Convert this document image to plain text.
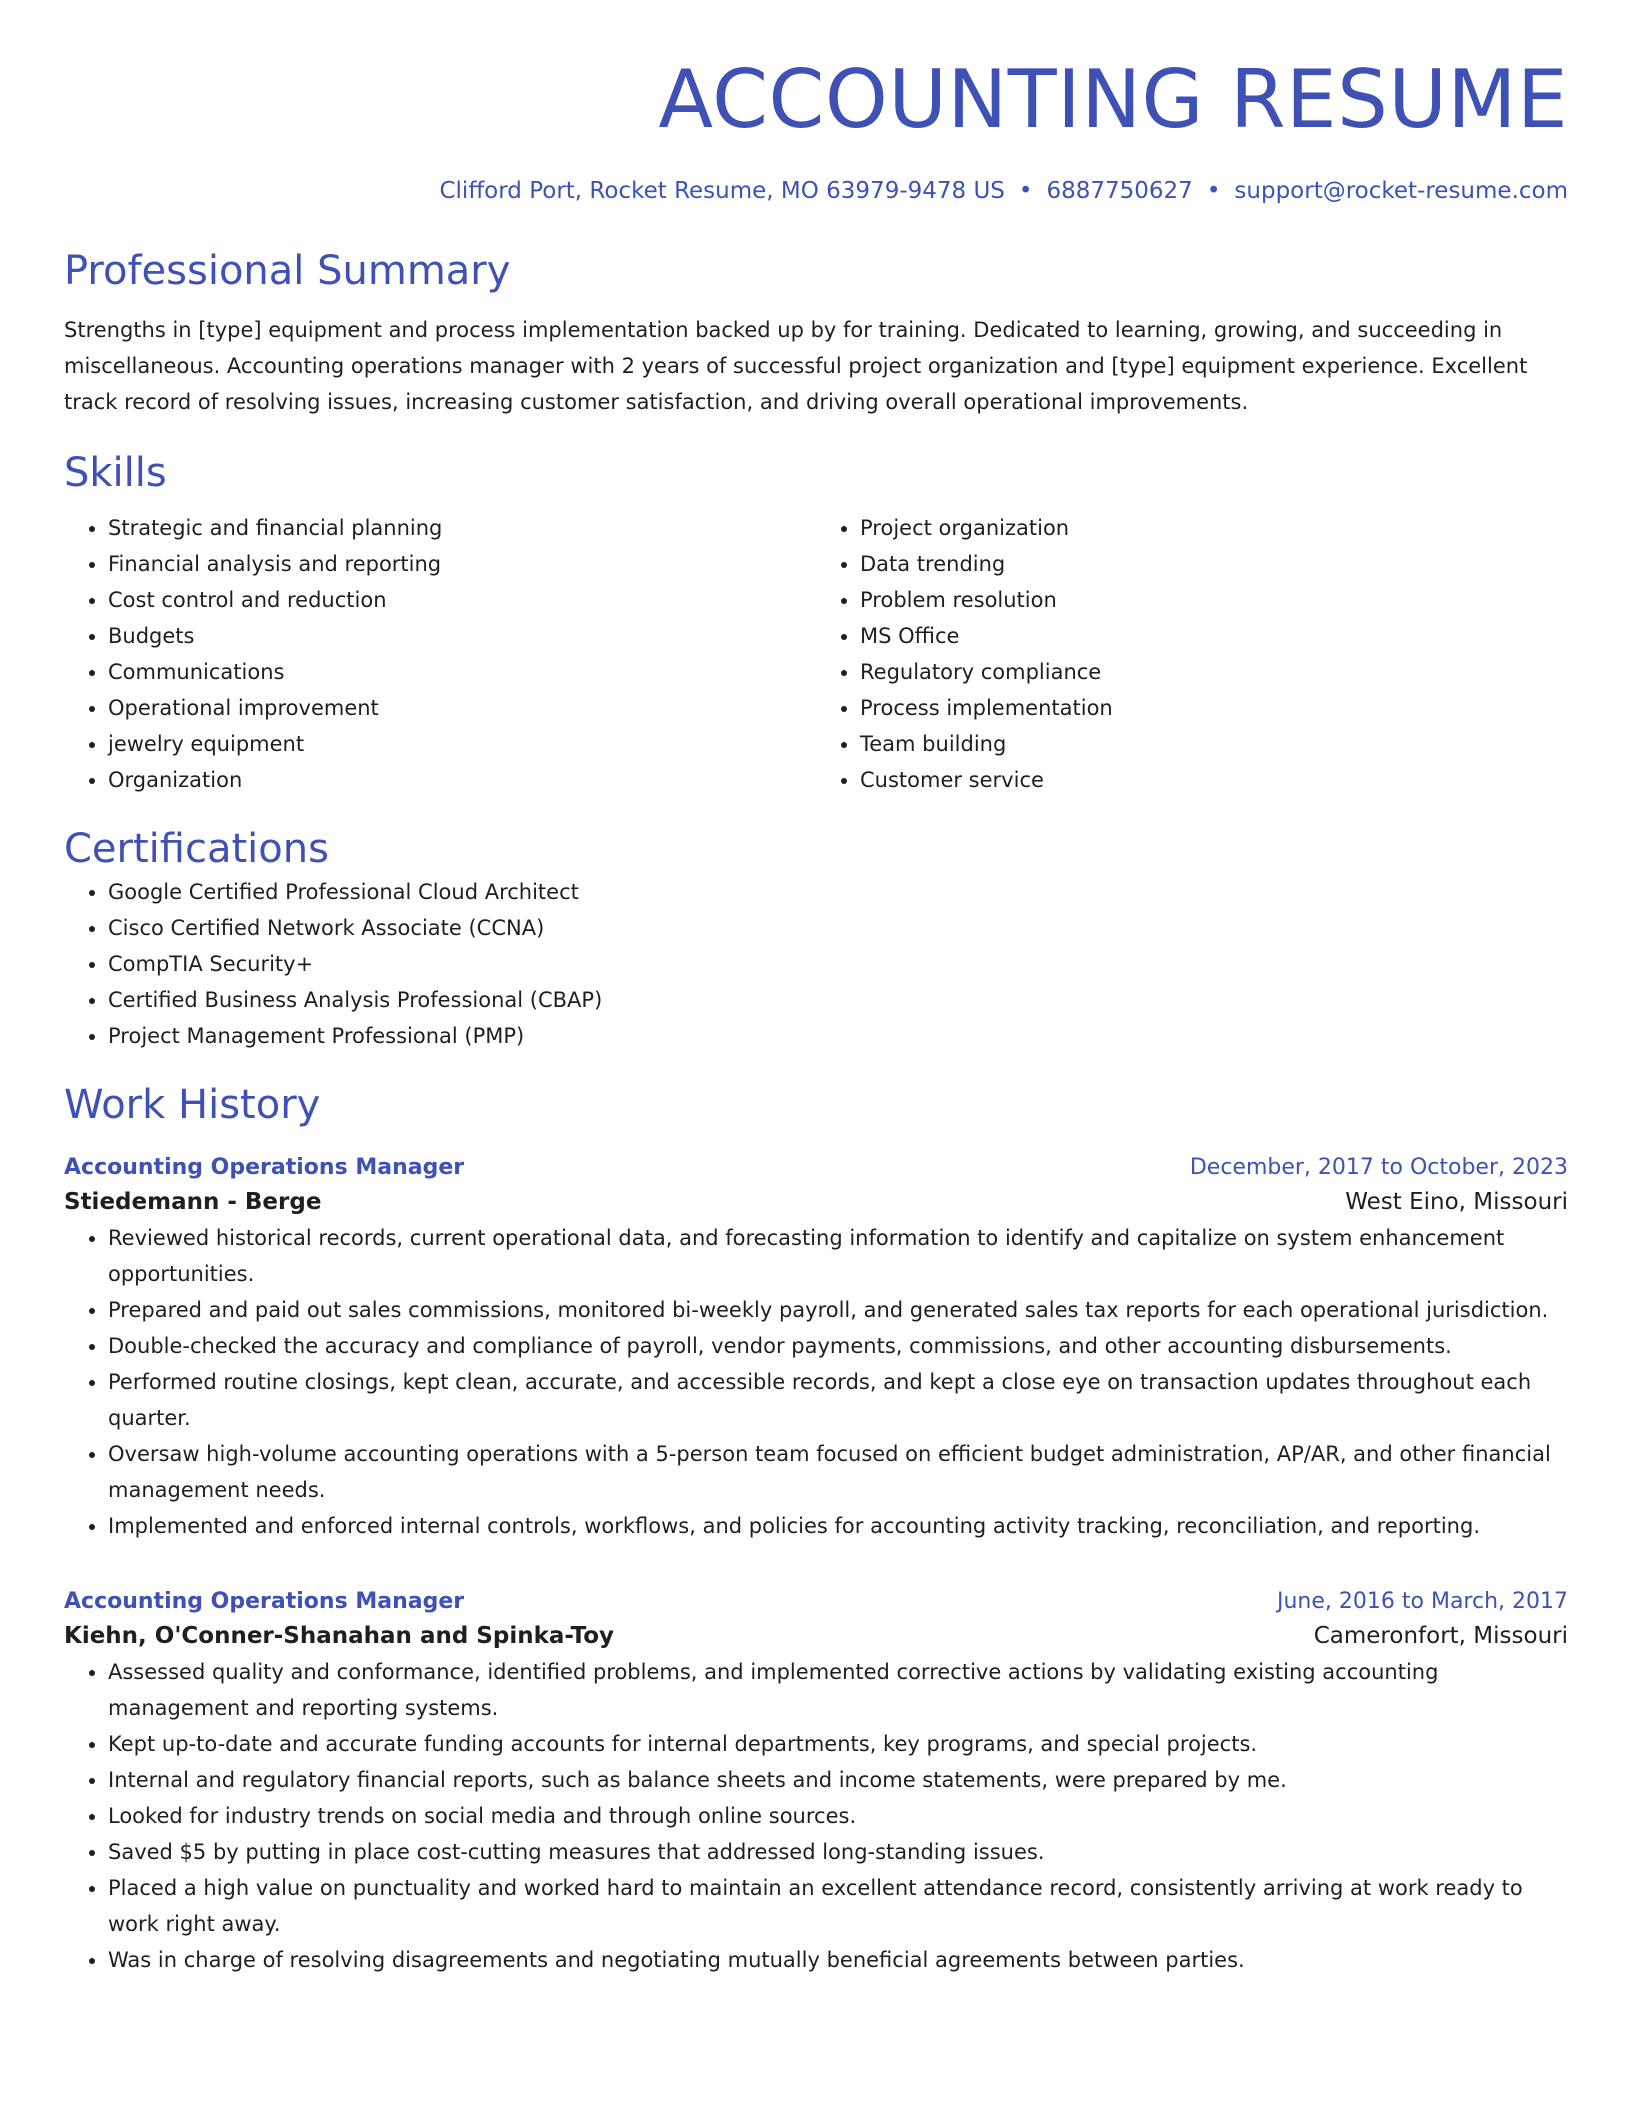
ACCOUNTING RESUME
Clifford Port, Rocket Resume, MO 63979-9478 US • 6887750627 • support@rocket-resume.com
Professional Summary

Strengths in [type] equipment and process implementation backed up by for training. Dedicated to learning, growing, and succeeding in miscellaneous. Accounting operations manager with 2 years of successful project organization and [type] equipment experience. Excellent track record of resolving issues, increasing customer satisfaction, and driving overall operational improvements.

Skills
• Strategic and financial planning
• Financial analysis and reporting
• Cost control and reduction
• Budgets
• Communications
• Operational improvement
• jewelry equipment
• Organization
• Project organization
• Data trending
• Problem resolution
• MS Office
• Regulatory compliance
• Process implementation
• Team building
• Customer service
Certifications
• Google Certified Professional Cloud Architect
• Cisco Certified Network Associate (CCNA)
• CompTIA Security+
• Certified Business Analysis Professional (CBAP)
• Project Management Professional (PMP)
Work History
Accounting Operations Manager	December, 2017 to October, 2023
Stiedemann - Berge	West Eino, Missouri
• Reviewed historical records, current operational data, and forecasting information to identify and capitalize on system enhancement opportunities.
• Prepared and paid out sales commissions, monitored bi-weekly payroll, and generated sales tax reports for each operational jurisdiction.
• Double-checked the accuracy and compliance of payroll, vendor payments, commissions, and other accounting disbursements.
• Performed routine closings, kept clean, accurate, and accessible records, and kept a close eye on transaction updates throughout each quarter.
• Oversaw high-volume accounting operations with a 5-person team focused on efficient budget administration, AP/AR, and other financial management needs.
• Implemented and enforced internal controls, workflows, and policies for accounting activity tracking, reconciliation, and reporting.
Accounting Operations Manager	June, 2016 to March, 2017
Kiehn, O'Conner-Shanahan and Spinka-Toy	Cameronfort, Missouri
• Assessed quality and conformance, identified problems, and implemented corrective actions by validating existing accounting management and reporting systems.
• Kept up-to-date and accurate funding accounts for internal departments, key programs, and special projects.
• Internal and regulatory financial reports, such as balance sheets and income statements, were prepared by me.
• Looked for industry trends on social media and through online sources.
• Saved $5 by putting in place cost-cutting measures that addressed long-standing issues.
• Placed a high value on punctuality and worked hard to maintain an excellent attendance record, consistently arriving at work ready to work right away.
• Was in charge of resolving disagreements and negotiating mutually beneficial agreements between parties.
